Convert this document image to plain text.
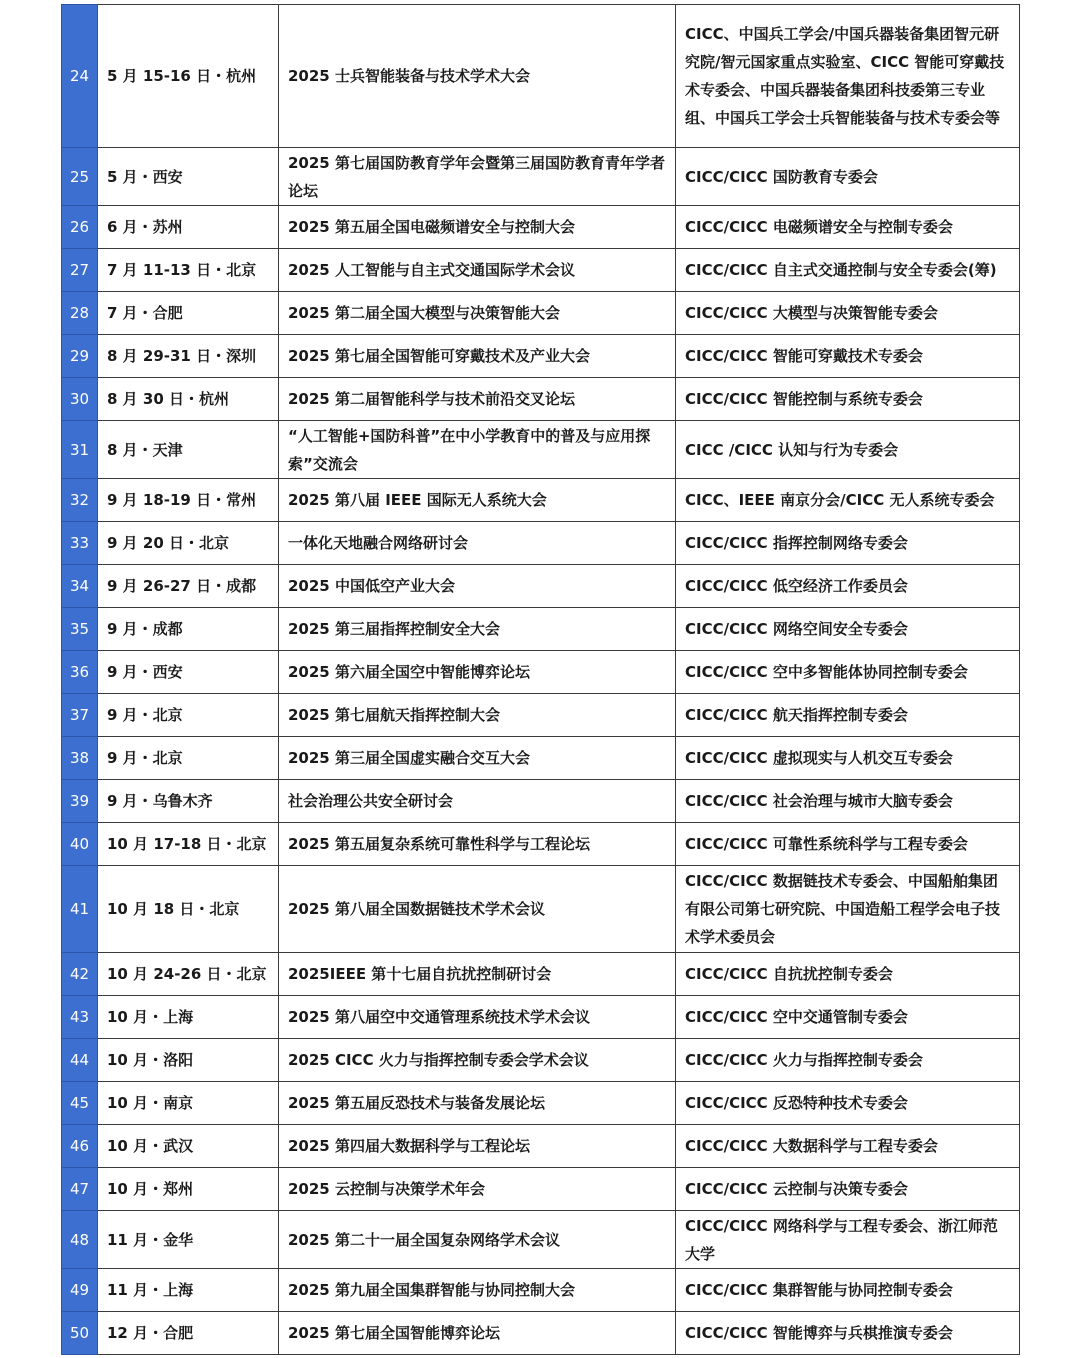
24	5 月 15-16 日・杭州	2025 士兵智能装备与技术学术大会	CICC、中国兵工学会/中国兵器装备集团智元研究院/智元国家重点实验室、CICC 智能可穿戴技术专委会、中国兵器装备集团科技委第三专业组、中国兵工学会士兵智能装备与技术专委会等
25	5 月・西安	2025 第七届国防教育学年会暨第三届国防教育青年学者论坛	CICC/CICC 国防教育专委会
26	6 月・苏州	2025 第五届全国电磁频谱安全与控制大会	CICC/CICC 电磁频谱安全与控制专委会
27	7 月 11-13 日・北京	2025 人工智能与自主式交通国际学术会议	CICC/CICC 自主式交通控制与安全专委会(筹)
28	7 月・合肥	2025 第二届全国大模型与决策智能大会	CICC/CICC 大模型与决策智能专委会
29	8 月 29-31 日・深圳	2025 第七届全国智能可穿戴技术及产业大会	CICC/CICC 智能可穿戴技术专委会
30	8 月 30 日・杭州	2025 第二届智能科学与技术前沿交叉论坛	CICC/CICC 智能控制与系统专委会
31	8 月・天津	“人工智能+国防科普”在中小学教育中的普及与应用探索”交流会	CICC /CICC 认知与行为专委会
32	9 月 18-19 日・常州	2025 第八届 IEEE 国际无人系统大会	CICC、IEEE 南京分会/CICC 无人系统专委会
33	9 月 20 日・北京	一体化天地融合网络研讨会	CICC/CICC 指挥控制网络专委会
34	9 月 26-27 日・成都	2025 中国低空产业大会	CICC/CICC 低空经济工作委员会
35	9 月・成都	2025 第三届指挥控制安全大会	CICC/CICC 网络空间安全专委会
36	9 月・西安	2025 第六届全国空中智能博弈论坛	CICC/CICC 空中多智能体协同控制专委会
37	9 月・北京	2025 第七届航天指挥控制大会	CICC/CICC 航天指挥控制专委会
38	9 月・北京	2025 第三届全国虚实融合交互大会	CICC/CICC 虚拟现实与人机交互专委会
39	9 月・乌鲁木齐	社会治理公共安全研讨会	CICC/CICC 社会治理与城市大脑专委会
40	10 月 17-18 日・北京	2025 第五届复杂系统可靠性科学与工程论坛	CICC/CICC 可靠性系统科学与工程专委会
41	10 月 18 日・北京	2025 第八届全国数据链技术学术会议	CICC/CICC 数据链技术专委会、中国船舶集团有限公司第七研究院、中国造船工程学会电子技术学术委员会
42	10 月 24-26 日・北京	2025IEEE 第十七届自抗扰控制研讨会	CICC/CICC 自抗扰控制专委会
43	10 月・上海	2025 第八届空中交通管理系统技术学术会议	CICC/CICC 空中交通管制专委会
44	10 月・洛阳	2025 CICC 火力与指挥控制专委会学术会议	CICC/CICC 火力与指挥控制专委会
45	10 月・南京	2025 第五届反恐技术与装备发展论坛	CICC/CICC 反恐特种技术专委会
46	10 月・武汉	2025 第四届大数据科学与工程论坛	CICC/CICC 大数据科学与工程专委会
47	10 月・郑州	2025 云控制与决策学术年会	CICC/CICC 云控制与决策专委会
48	11 月・金华	2025 第二十一届全国复杂网络学术会议	CICC/CICC 网络科学与工程专委会、浙江师范大学
49	11 月・上海	2025 第九届全国集群智能与协同控制大会	CICC/CICC 集群智能与协同控制专委会
50	12 月・合肥	2025 第七届全国智能博弈论坛	CICC/CICC 智能博弈与兵棋推演专委会
